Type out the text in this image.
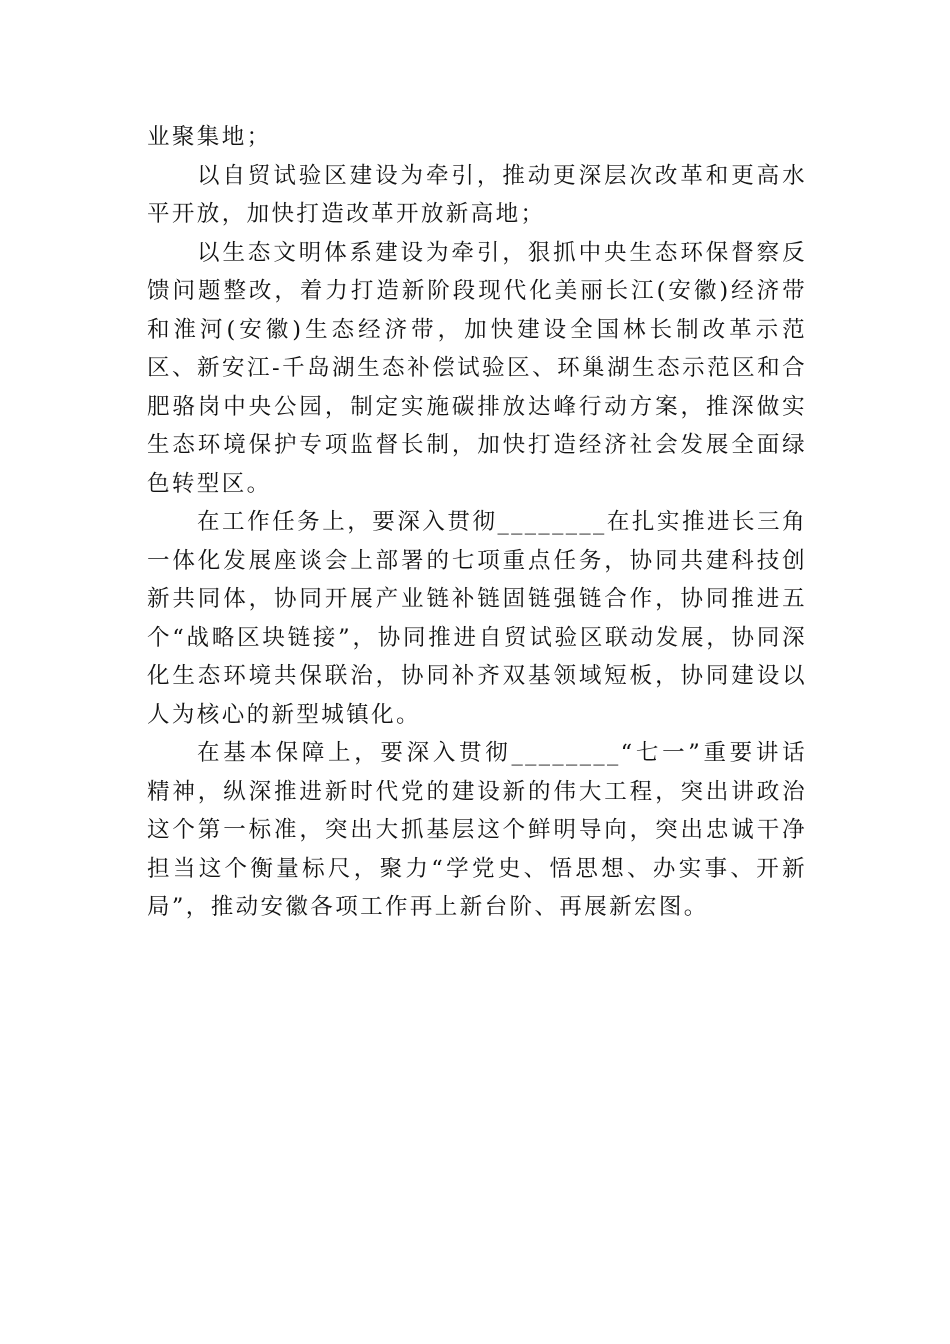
业聚集地；

以自贸试验区建设为牵引，推动更深层次改革和更高水平开放，加快打造改革开放新高地；

以生态文明体系建设为牵引，狠抓中央生态环保督察反馈问题整改，着力打造新阶段现代化美丽长江(安徽)经济带和淮河(安徽)生态经济带，加快建设全国林长制改革示范区、新安江-千岛湖生态补偿试验区、环巢湖生态示范区和合肥骆岗中央公园，制定实施碳排放达峰行动方案，推深做实生态环境保护专项监督长制，加快打造经济社会发展全面绿色转型区。

在工作任务上，要深入贯彻________在扎实推进长三角一体化发展座谈会上部署的七项重点任务，协同共建科技创新共同体，协同开展产业链补链固链强链合作，协同推进五个“战略区块链接”，协同推进自贸试验区联动发展，协同深化生态环境共保联治，协同补齐双基领域短板，协同建设以人为核心的新型城镇化。

在基本保障上，要深入贯彻________“七一”重要讲话精神，纵深推进新时代党的建设新的伟大工程，突出讲政治这个第一标准，突出大抓基层这个鲜明导向，突出忠诚干净担当这个衡量标尺，聚力“学党史、悟思想、办实事、开新局”，推动安徽各项工作再上新台阶、再展新宏图。
